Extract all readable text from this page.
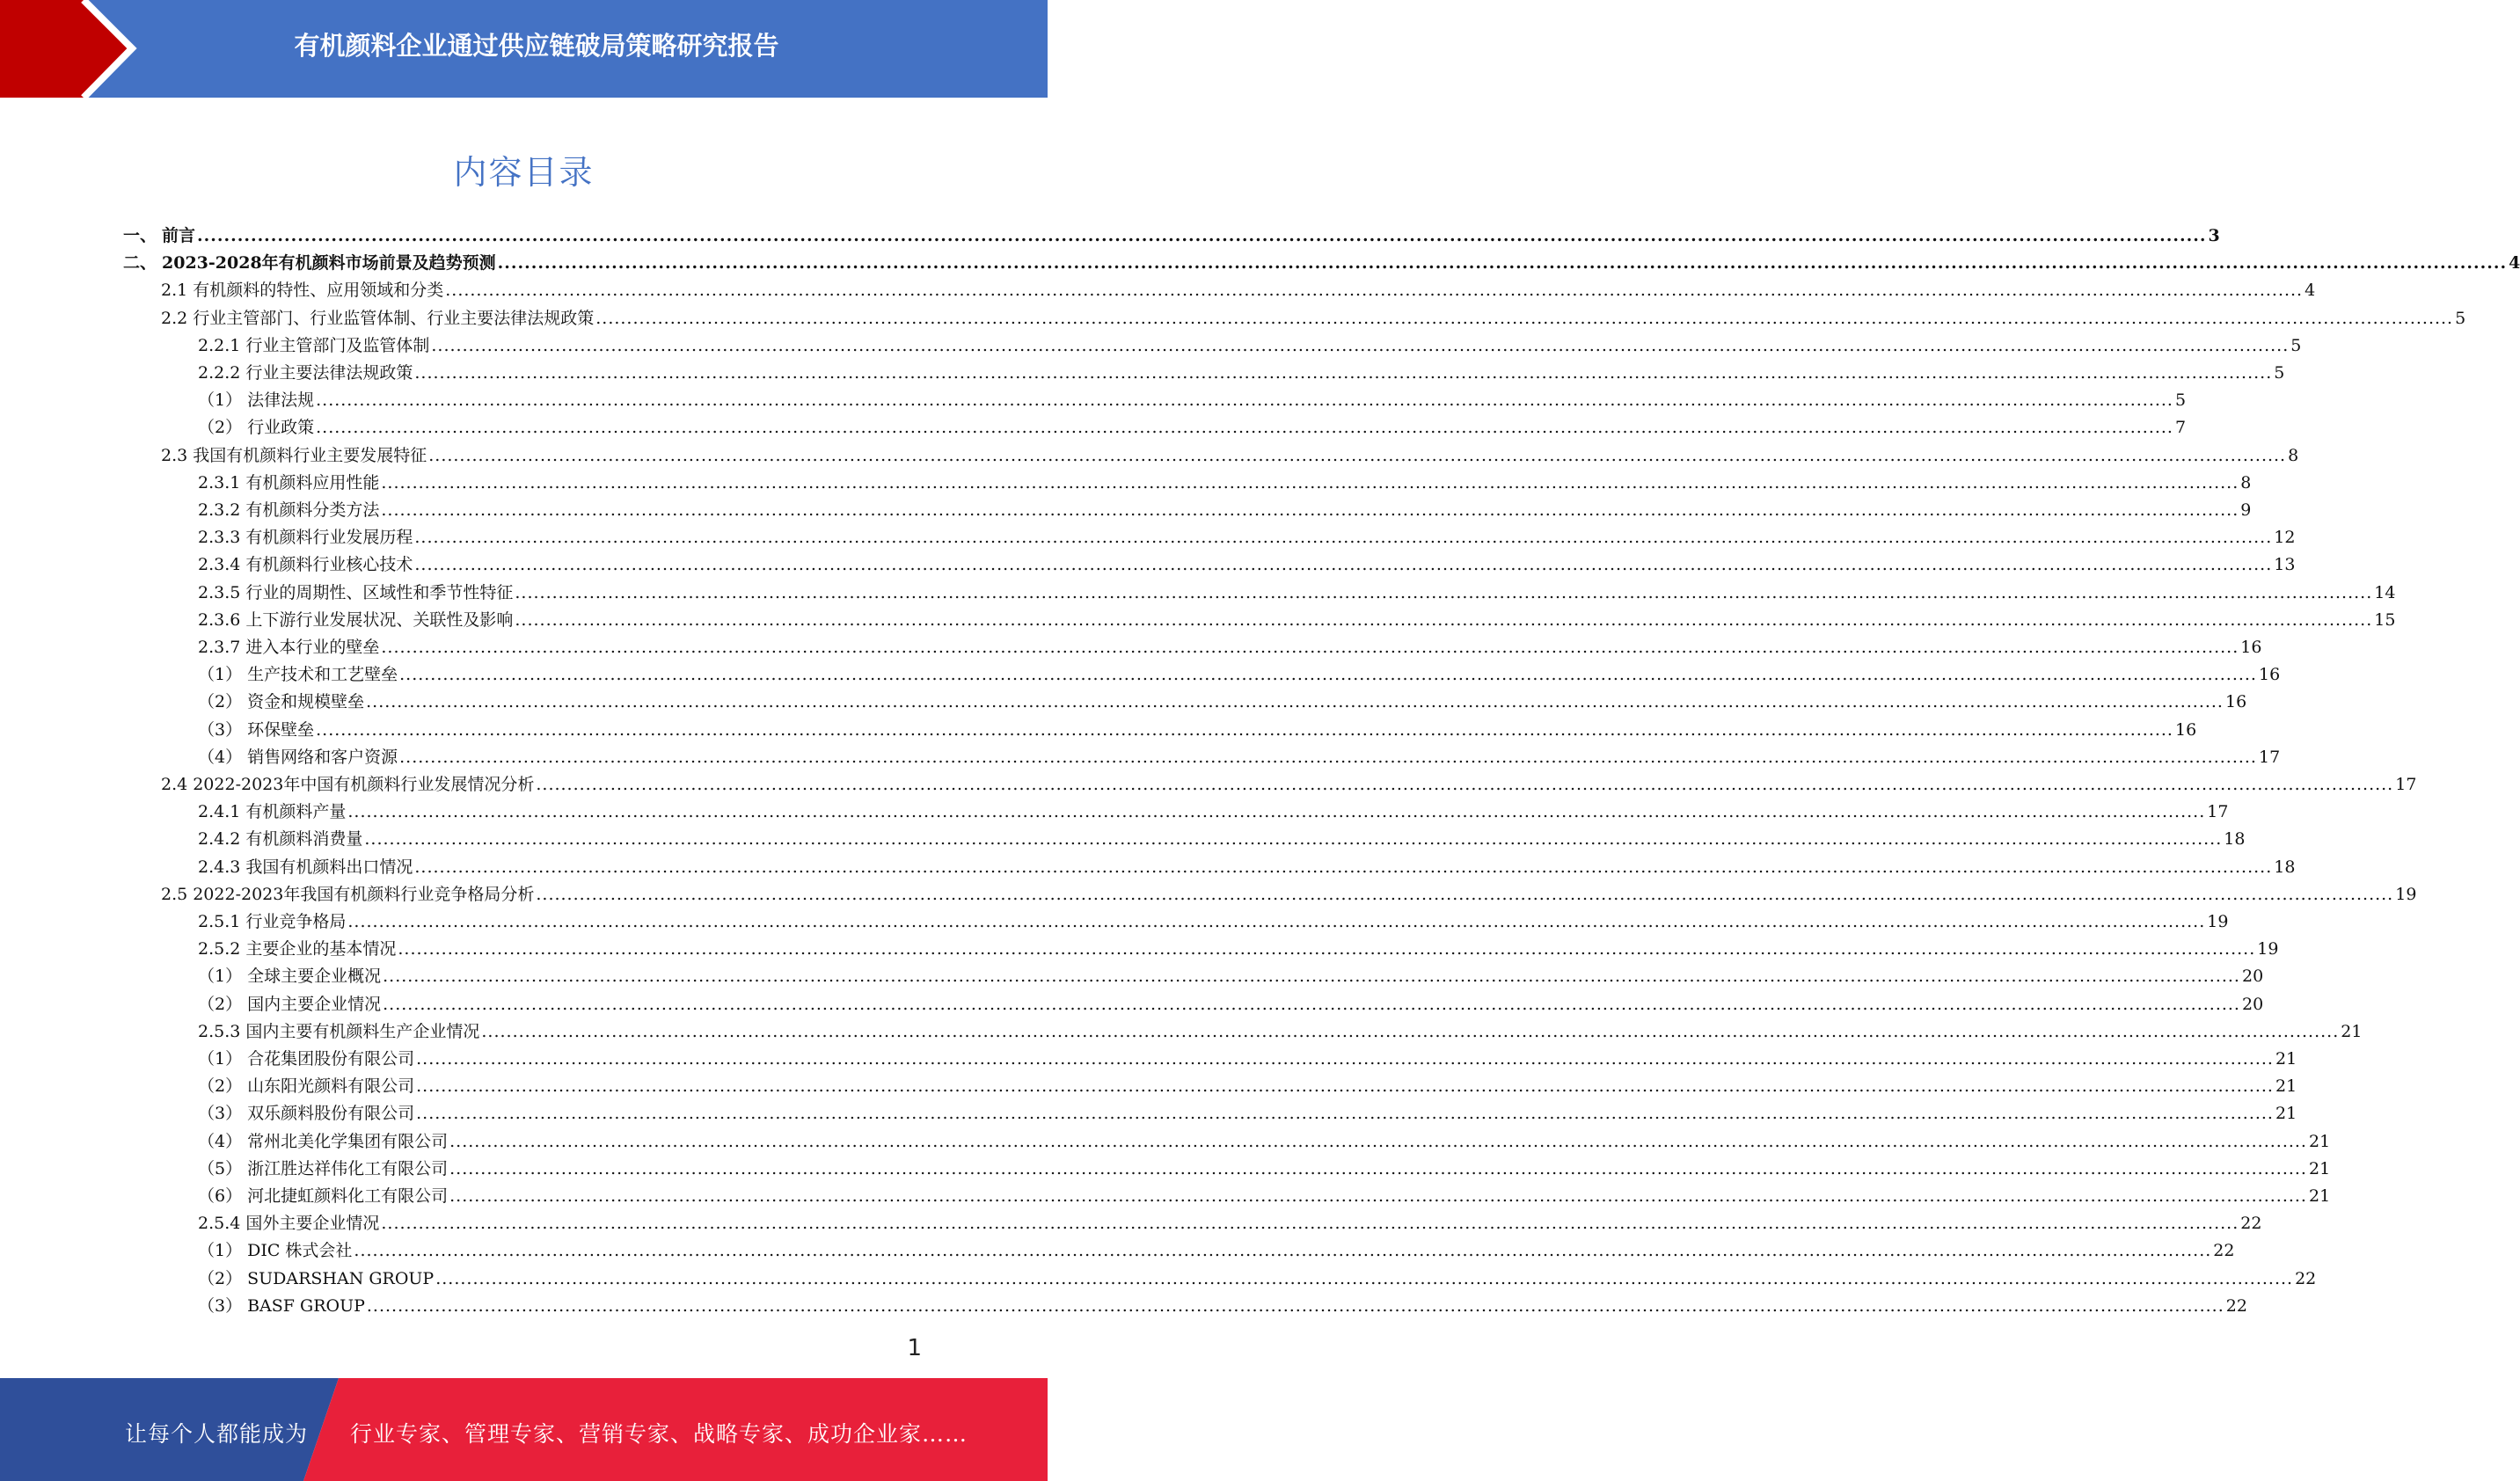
有机颜料企业通过供应链破局策略研究报告
内容目录
一、 前言 ............................................................................................................................................................................................................................................................................................................ 3
二、 2023-2028年有机颜料市场前景及趋势预测 ............................................................................................................................................................................................................................................................................................................ 4
2.1 有机颜料的特性、应用领域和分类 ............................................................................................................................................................................................................................................................................................................ 4
2.2 行业主管部门、行业监管体制、行业主要法律法规政策 ............................................................................................................................................................................................................................................................................................................ 5
2.2.1 行业主管部门及监管体制 ............................................................................................................................................................................................................................................................................................................ 5
2.2.2 行业主要法律法规政策 ............................................................................................................................................................................................................................................................................................................ 5
（1） 法律法规 ............................................................................................................................................................................................................................................................................................................ 5
（2） 行业政策 ............................................................................................................................................................................................................................................................................................................ 7
2.3 我国有机颜料行业主要发展特征 ............................................................................................................................................................................................................................................................................................................ 8
2.3.1 有机颜料应用性能 ............................................................................................................................................................................................................................................................................................................ 8
2.3.2 有机颜料分类方法 ............................................................................................................................................................................................................................................................................................................ 9
2.3.3 有机颜料行业发展历程 ............................................................................................................................................................................................................................................................................................................ 12
2.3.4 有机颜料行业核心技术 ............................................................................................................................................................................................................................................................................................................ 13
2.3.5 行业的周期性、区域性和季节性特征 ............................................................................................................................................................................................................................................................................................................ 14
2.3.6 上下游行业发展状况、关联性及影响 ............................................................................................................................................................................................................................................................................................................ 15
2.3.7 进入本行业的壁垒 ............................................................................................................................................................................................................................................................................................................ 16
（1） 生产技术和工艺壁垒 ............................................................................................................................................................................................................................................................................................................ 16
（2） 资金和规模壁垒 ............................................................................................................................................................................................................................................................................................................ 16
（3） 环保壁垒 ............................................................................................................................................................................................................................................................................................................ 16
（4） 销售网络和客户资源 ............................................................................................................................................................................................................................................................................................................ 17
2.4 2022-2023年中国有机颜料行业发展情况分析 ............................................................................................................................................................................................................................................................................................................ 17
2.4.1 有机颜料产量 ............................................................................................................................................................................................................................................................................................................ 17
2.4.2 有机颜料消费量 ............................................................................................................................................................................................................................................................................................................ 18
2.4.3 我国有机颜料出口情况 ............................................................................................................................................................................................................................................................................................................ 18
2.5 2022-2023年我国有机颜料行业竞争格局分析 ............................................................................................................................................................................................................................................................................................................ 19
2.5.1 行业竞争格局 ............................................................................................................................................................................................................................................................................................................ 19
2.5.2 主要企业的基本情况 ............................................................................................................................................................................................................................................................................................................ 19
（1） 全球主要企业概况 ............................................................................................................................................................................................................................................................................................................ 20
（2） 国内主要企业情况 ............................................................................................................................................................................................................................................................................................................ 20
2.5.3 国内主要有机颜料生产企业情况 ............................................................................................................................................................................................................................................................................................................ 21
（1） 合花集团股份有限公司 ............................................................................................................................................................................................................................................................................................................ 21
（2） 山东阳光颜料有限公司 ............................................................................................................................................................................................................................................................................................................ 21
（3） 双乐颜料股份有限公司 ............................................................................................................................................................................................................................................................................................................ 21
（4） 常州北美化学集团有限公司 ............................................................................................................................................................................................................................................................................................................ 21
（5） 浙江胜达祥伟化工有限公司 ............................................................................................................................................................................................................................................................................................................ 21
（6） 河北捷虹颜料化工有限公司 ............................................................................................................................................................................................................................................................................................................ 21
2.5.4 国外主要企业情况 ............................................................................................................................................................................................................................................................................................................ 22
（1） DIC 株式会社 ............................................................................................................................................................................................................................................................................................................ 22
（2） SUDARSHAN GROUP ............................................................................................................................................................................................................................................................................................................ 22
（3） BASF GROUP ............................................................................................................................................................................................................................................................................................................ 22
1
让每个人都能成为 行业专家、管理专家、营销专家、战略专家、成功企业家……
